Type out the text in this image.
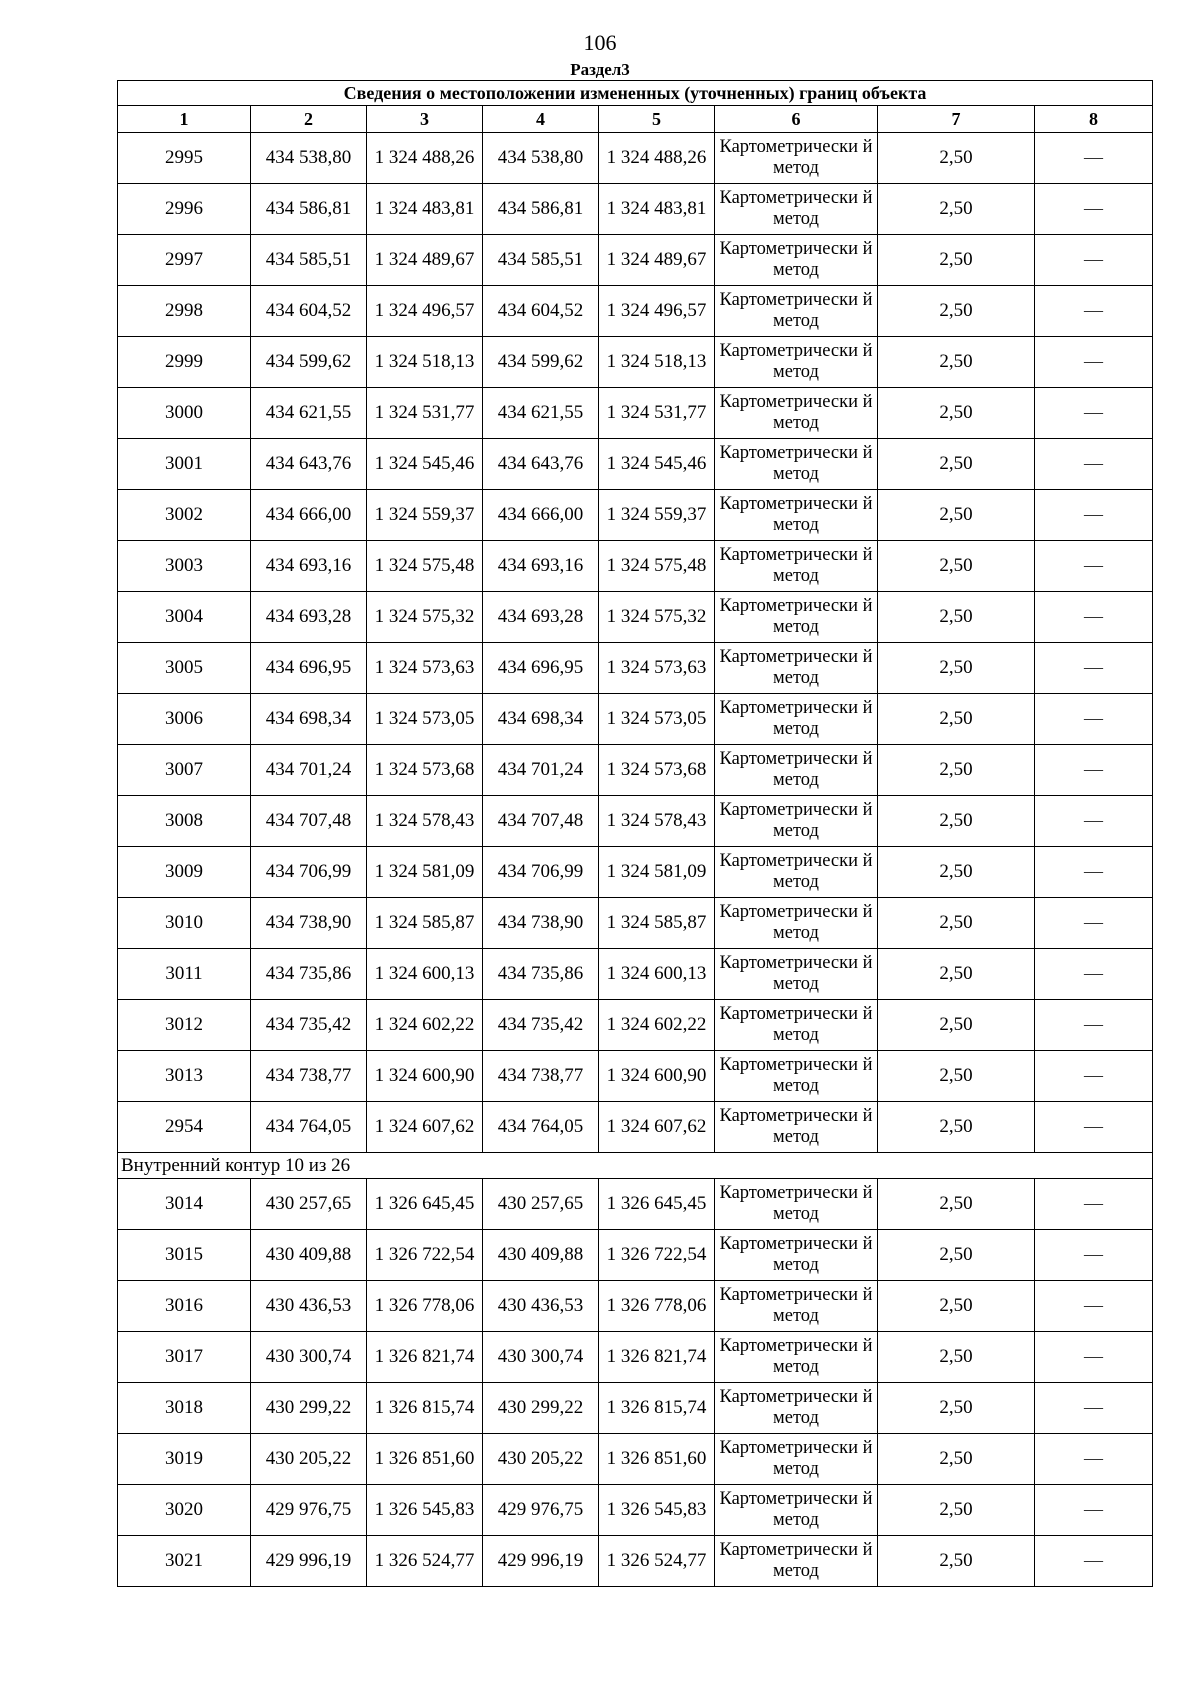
106
Раздел3
Сведения о местоположении измененных (уточненных) границ объекта							
1	2	3	4	5	6	7	8
2995	434 538,80	1 324 488,26	434 538,80	1 324 488,26	Картометрически й метод	2,50	—
2996	434 586,81	1 324 483,81	434 586,81	1 324 483,81	Картометрически й метод	2,50	—
2997	434 585,51	1 324 489,67	434 585,51	1 324 489,67	Картометрически й метод	2,50	—
2998	434 604,52	1 324 496,57	434 604,52	1 324 496,57	Картометрически й метод	2,50	—
2999	434 599,62	1 324 518,13	434 599,62	1 324 518,13	Картометрически й метод	2,50	—
3000	434 621,55	1 324 531,77	434 621,55	1 324 531,77	Картометрически й метод	2,50	—
3001	434 643,76	1 324 545,46	434 643,76	1 324 545,46	Картометрически й метод	2,50	—
3002	434 666,00	1 324 559,37	434 666,00	1 324 559,37	Картометрически й метод	2,50	—
3003	434 693,16	1 324 575,48	434 693,16	1 324 575,48	Картометрически й метод	2,50	—
3004	434 693,28	1 324 575,32	434 693,28	1 324 575,32	Картометрически й метод	2,50	—
3005	434 696,95	1 324 573,63	434 696,95	1 324 573,63	Картометрически й метод	2,50	—
3006	434 698,34	1 324 573,05	434 698,34	1 324 573,05	Картометрически й метод	2,50	—
3007	434 701,24	1 324 573,68	434 701,24	1 324 573,68	Картометрически й метод	2,50	—
3008	434 707,48	1 324 578,43	434 707,48	1 324 578,43	Картометрически й метод	2,50	—
3009	434 706,99	1 324 581,09	434 706,99	1 324 581,09	Картометрически й метод	2,50	—
3010	434 738,90	1 324 585,87	434 738,90	1 324 585,87	Картометрически й метод	2,50	—
3011	434 735,86	1 324 600,13	434 735,86	1 324 600,13	Картометрически й метод	2,50	—
3012	434 735,42	1 324 602,22	434 735,42	1 324 602,22	Картометрически й метод	2,50	—
3013	434 738,77	1 324 600,90	434 738,77	1 324 600,90	Картометрически й метод	2,50	—
2954	434 764,05	1 324 607,62	434 764,05	1 324 607,62	Картометрически й метод	2,50	—
Внутренний контур 10 из 26							
3014	430 257,65	1 326 645,45	430 257,65	1 326 645,45	Картометрически й метод	2,50	—
3015	430 409,88	1 326 722,54	430 409,88	1 326 722,54	Картометрически й метод	2,50	—
3016	430 436,53	1 326 778,06	430 436,53	1 326 778,06	Картометрически й метод	2,50	—
3017	430 300,74	1 326 821,74	430 300,74	1 326 821,74	Картометрически й метод	2,50	—
3018	430 299,22	1 326 815,74	430 299,22	1 326 815,74	Картометрически й метод	2,50	—
3019	430 205,22	1 326 851,60	430 205,22	1 326 851,60	Картометрически й метод	2,50	—
3020	429 976,75	1 326 545,83	429 976,75	1 326 545,83	Картометрически й метод	2,50	—
3021	429 996,19	1 326 524,77	429 996,19	1 326 524,77	Картометрически й метод	2,50	—
